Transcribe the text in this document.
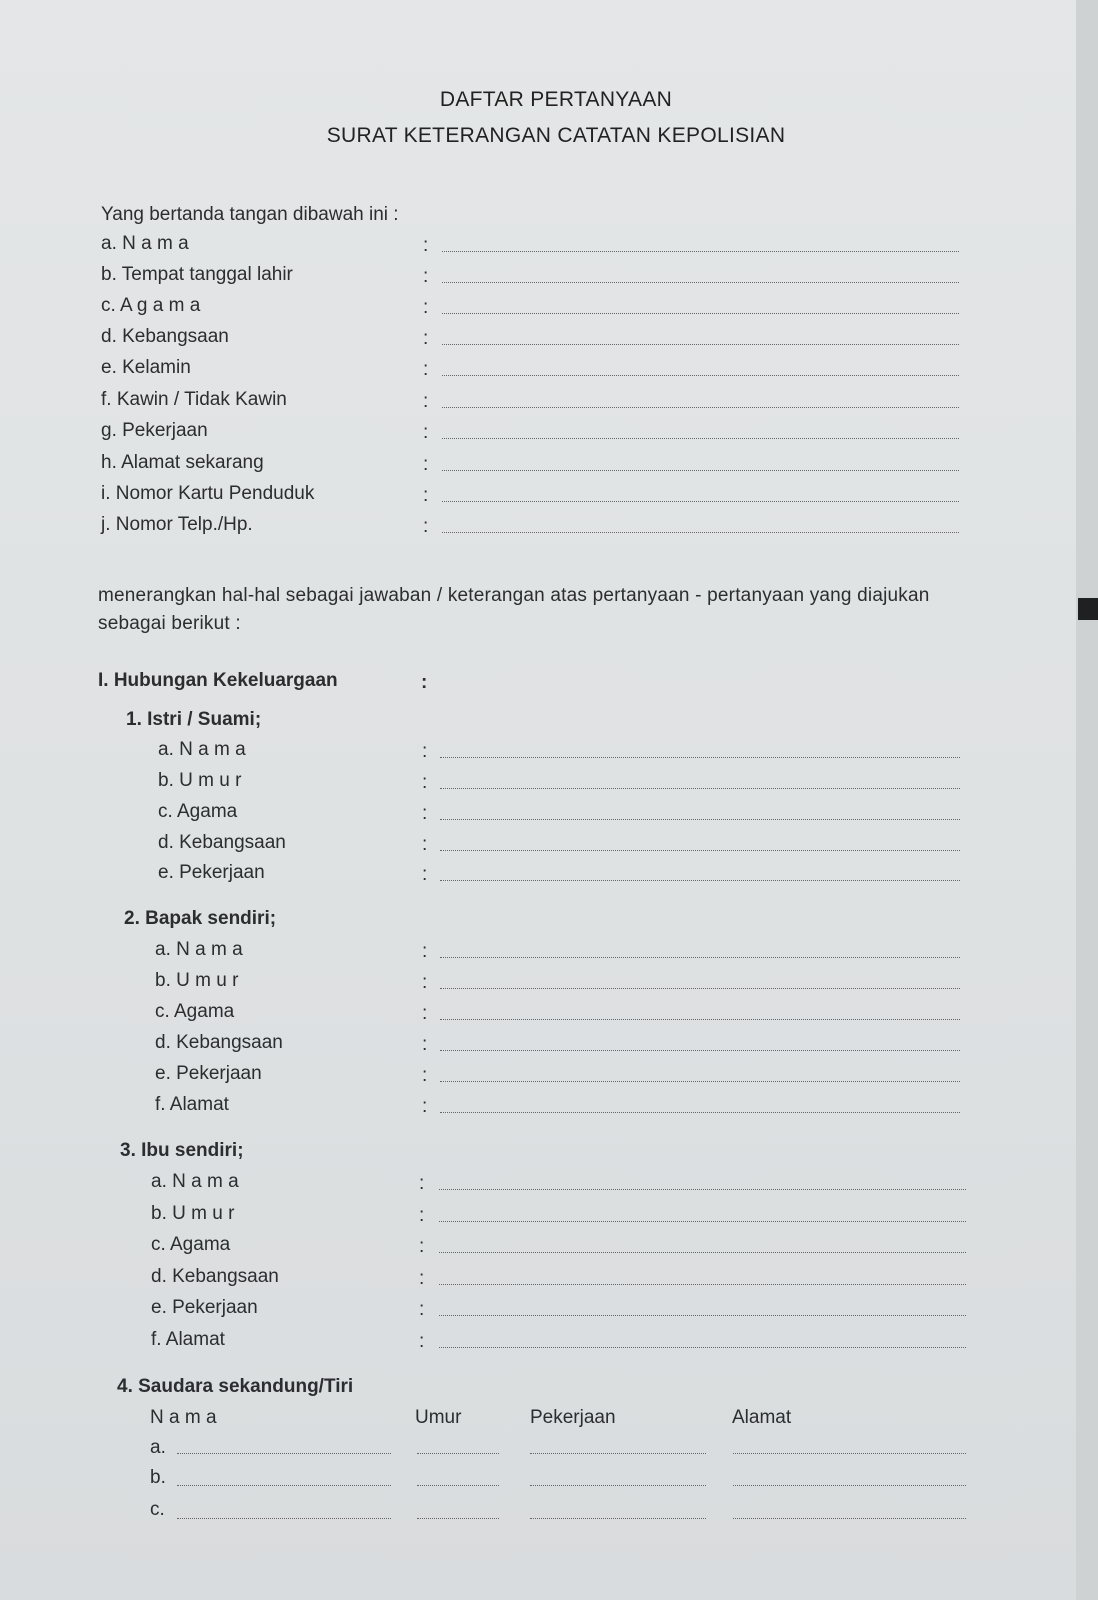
DAFTAR PERTANYAAN
SURAT KETERANGAN CATATAN KEPOLISIAN
Yang bertanda tangan dibawah ini :
a. N a m a	:
b. Tempat tanggal lahir	:
c. A g a m a	:
d. Kebangsaan	:
e. Kelamin	:
f. Kawin / Tidak Kawin	:
g. Pekerjaan	:
h. Alamat sekarang	:
i. Nomor Kartu Penduduk	:
j. Nomor Telp./Hp.	:
menerangkan hal-hal sebagai jawaban / keterangan atas pertanyaan - pertanyaan yang diajukan sebagai berikut :
I. Hubungan Kekeluargaan	:
1. Istri / Suami;
a. N a m a	:
b. U m u r	:
c. Agama	:
d. Kebangsaan	:
e. Pekerjaan	:
2. Bapak sendiri;
a. N a m a	:
b. U m u r	:
c. Agama	:
d. Kebangsaan	:
e. Pekerjaan	:
f. Alamat	:
3. Ibu sendiri;
a. N a m a	:
b. U m u r	:
c. Agama	:
d. Kebangsaan	:
e. Pekerjaan	:
f. Alamat	:
4. Saudara sekandung/Tiri
N a m a	Umur	Pekerjaan	Alamat
a.
b.
c.
